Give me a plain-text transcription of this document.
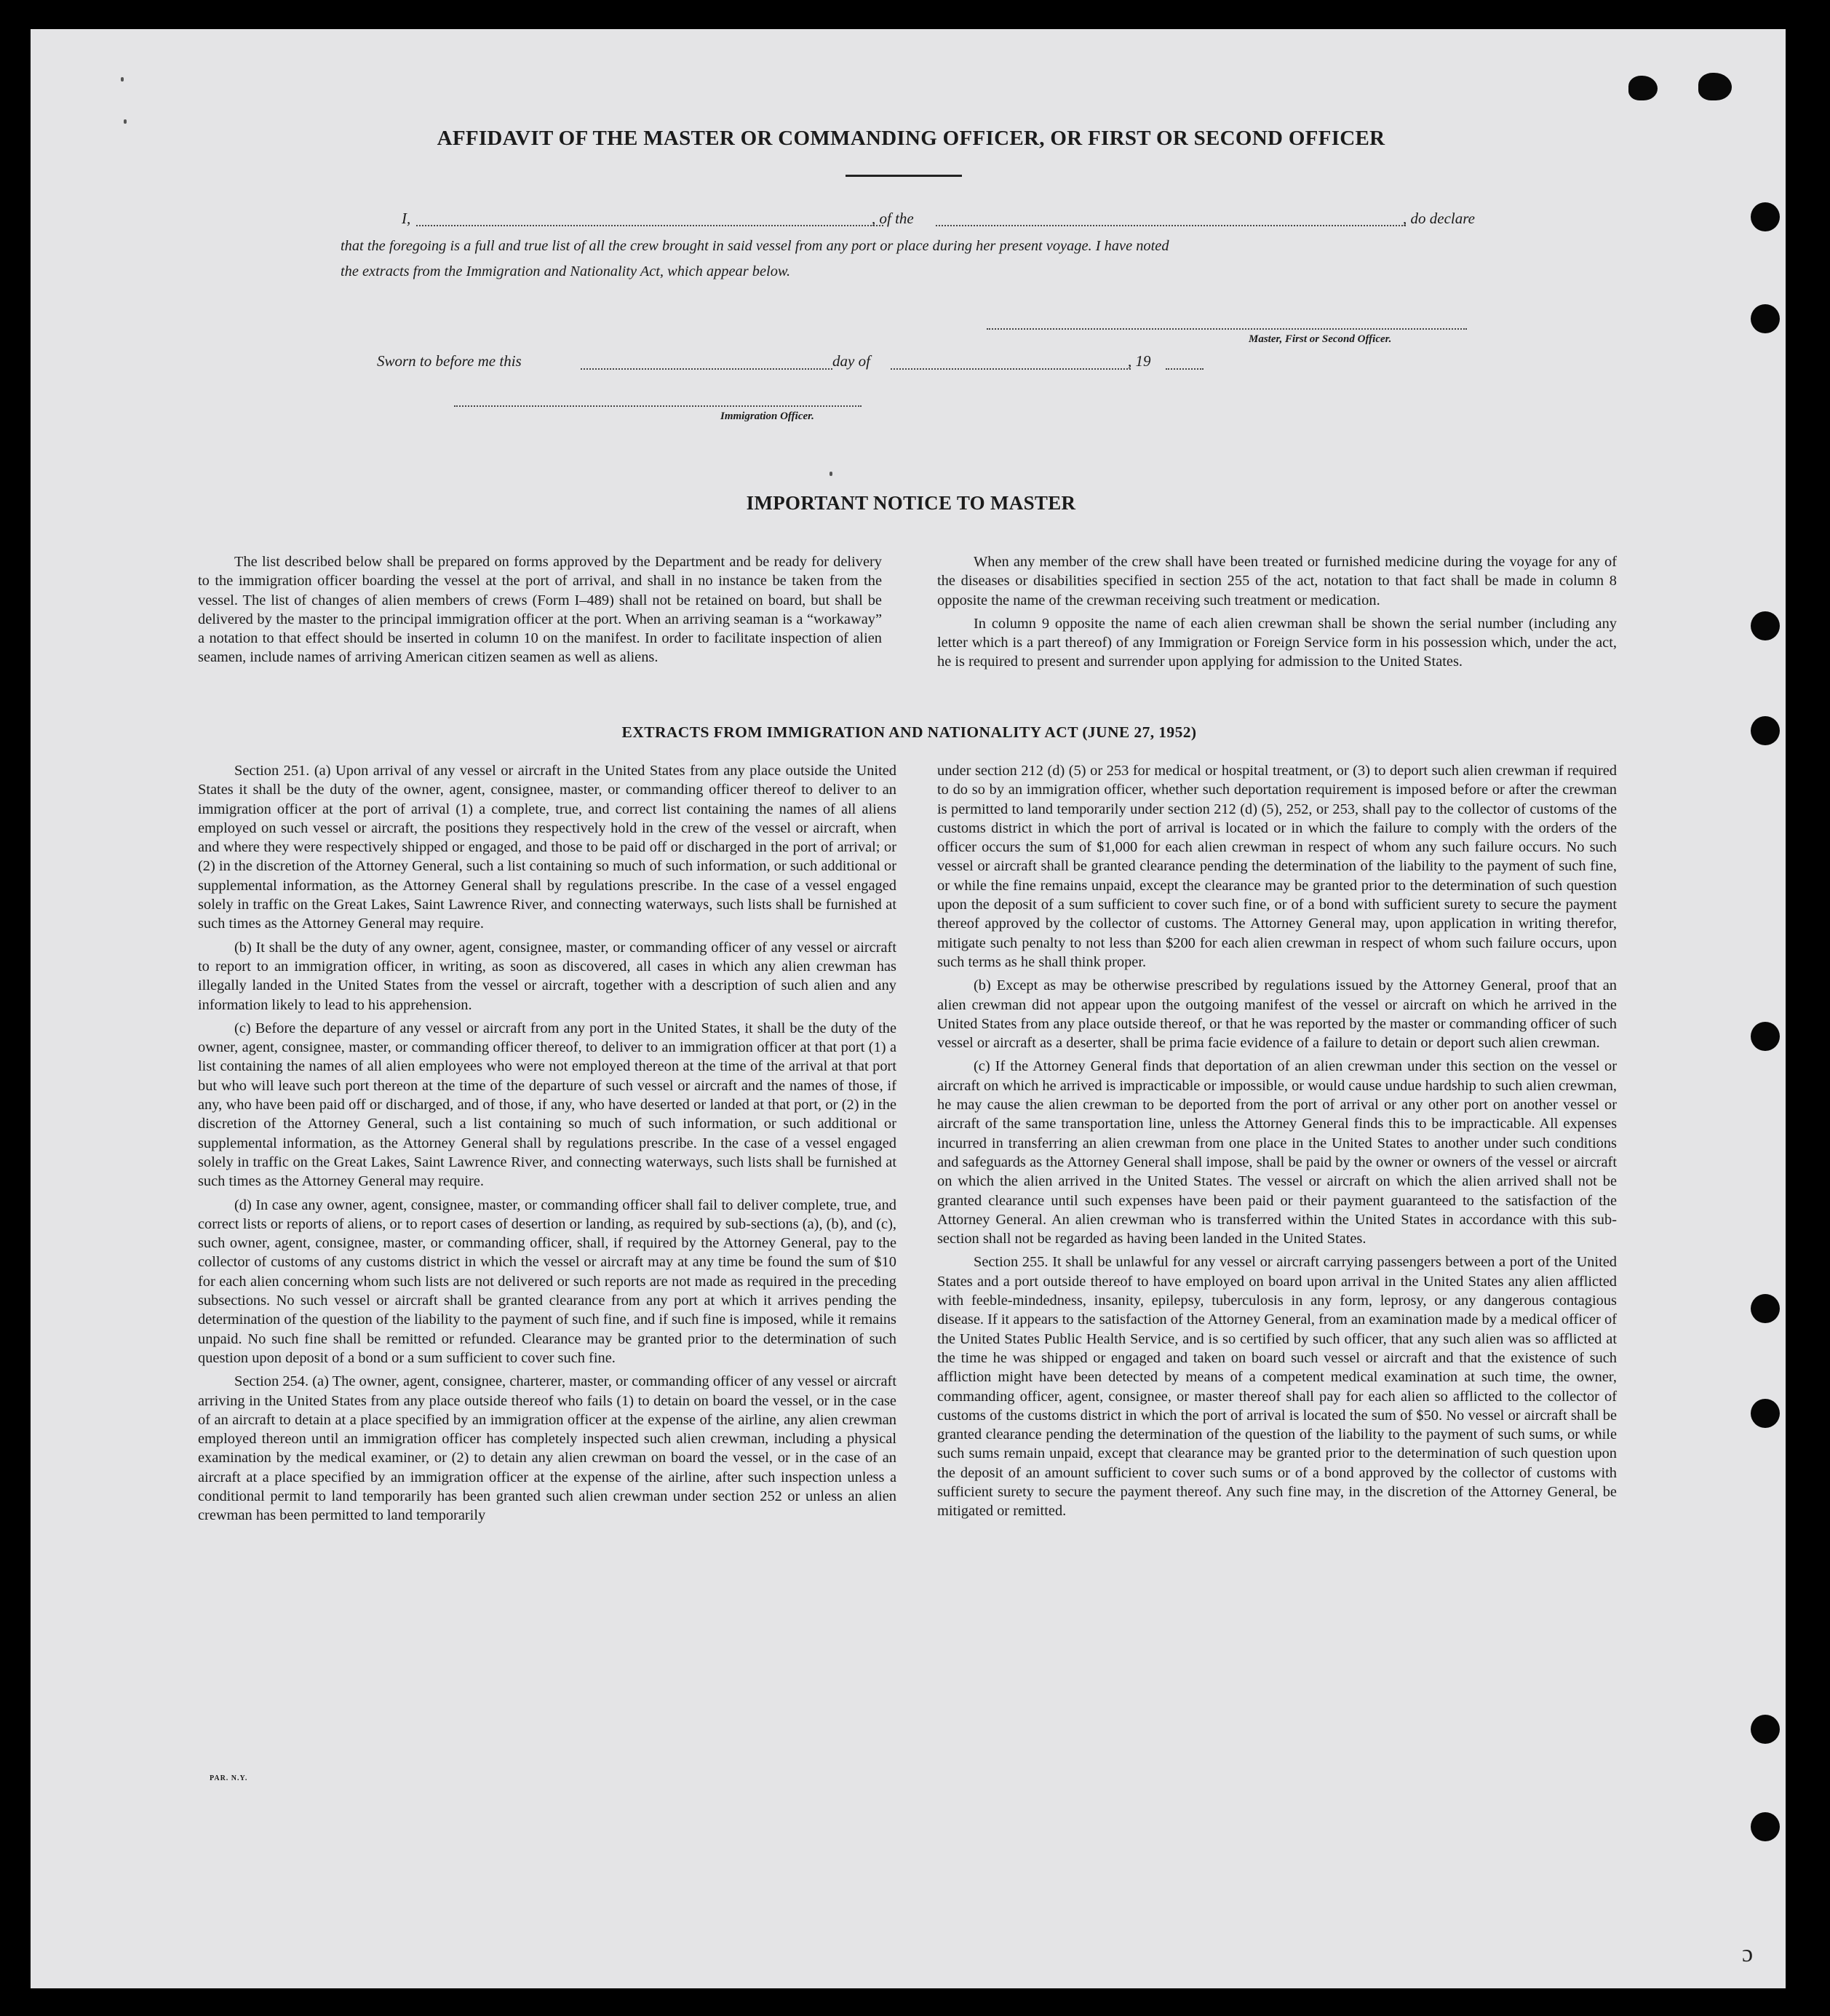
AFFIDAVIT OF THE MASTER OR COMMANDING OFFICER, OR FIRST OR SECOND OFFICER
I,	, of the	, do declare
that the foregoing is a full and true list of all the crew brought in said vessel from any port or place during her present voyage. I have noted
the extracts from the Immigration and Nationality Act, which appear below.
Master, First or Second Officer.
Sworn to before me this	day of	, 19
Immigration Officer.
IMPORTANT NOTICE TO MASTER

The list described below shall be prepared on forms approved by the Department and be ready for delivery to the immigration officer boarding the vessel at the port of arrival, and shall in no instance be taken from the vessel. The list of changes of alien members of crews (Form I–489) shall not be retained on board, but shall be delivered by the master to the principal immigration officer at the port. When an arriving seaman is a “workaway” a notation to that effect should be inserted in column 10 on the manifest. In order to facilitate inspection of alien seamen, include names of arriving American citizen seamen as well as aliens.

When any member of the crew shall have been treated or furnished medicine during the voyage for any of the diseases or disabilities specified in section 255 of the act, notation to that fact shall be made in column 8 opposite the name of the crewman receiving such treatment or medication.

In column 9 opposite the name of each alien crewman shall be shown the serial number (including any letter which is a part thereof) of any Immigration or Foreign Service form in his possession which, under the act, he is required to present and surrender upon applying for admission to the United States.

EXTRACTS FROM IMMIGRATION AND NATIONALITY ACT (JUNE 27, 1952)

Section 251. (a) Upon arrival of any vessel or aircraft in the United States from any place outside the United States it shall be the duty of the owner, agent, consignee, master, or commanding officer thereof to deliver to an immigration officer at the port of arrival (1) a complete, true, and correct list containing the names of all aliens employed on such vessel or aircraft, the positions they respectively hold in the crew of the vessel or aircraft, when and where they were respectively shipped or engaged, and those to be paid off or discharged in the port of arrival; or (2) in the discretion of the Attorney General, such a list containing so much of such information, or such additional or supplemental information, as the Attorney General shall by regulations prescribe. In the case of a vessel engaged solely in traffic on the Great Lakes, Saint Lawrence River, and connecting waterways, such lists shall be furnished at such times as the Attorney General may require.

(b) It shall be the duty of any owner, agent, consignee, master, or commanding officer of any vessel or aircraft to report to an immigration officer, in writing, as soon as discovered, all cases in which any alien crewman has illegally landed in the United States from the vessel or aircraft, together with a description of such alien and any information likely to lead to his apprehension.

(c) Before the departure of any vessel or aircraft from any port in the United States, it shall be the duty of the owner, agent, consignee, master, or commanding officer thereof, to deliver to an immigration officer at that port (1) a list containing the names of all alien employees who were not employed thereon at the time of the arrival at that port but who will leave such port thereon at the time of the departure of such vessel or aircraft and the names of those, if any, who have been paid off or discharged, and of those, if any, who have deserted or landed at that port, or (2) in the discretion of the Attorney General, such a list containing so much of such information, or such additional or supplemental information, as the Attorney General shall by regulations prescribe. In the case of a vessel engaged solely in traffic on the Great Lakes, Saint Lawrence River, and connecting waterways, such lists shall be furnished at such times as the Attorney General may require.

(d) In case any owner, agent, consignee, master, or commanding officer shall fail to deliver complete, true, and correct lists or reports of aliens, or to report cases of desertion or landing, as required by sub-sections (a), (b), and (c), such owner, agent, consignee, master, or commanding officer, shall, if required by the Attorney General, pay to the collector of customs of any customs district in which the vessel or aircraft may at any time be found the sum of $10 for each alien concerning whom such lists are not delivered or such reports are not made as required in the preceding subsections. No such vessel or aircraft shall be granted clearance from any port at which it arrives pending the determination of the question of the liability to the payment of such fine, and if such fine is imposed, while it remains unpaid. No such fine shall be remitted or refunded. Clearance may be granted prior to the determination of such question upon deposit of a bond or a sum sufficient to cover such fine.

Section 254. (a) The owner, agent, consignee, charterer, master, or commanding officer of any vessel or aircraft arriving in the United States from any place outside thereof who fails (1) to detain on board the vessel, or in the case of an aircraft to detain at a place specified by an immigration officer at the expense of the airline, any alien crewman employed thereon until an immigration officer has completely inspected such alien crewman, including a physical examination by the medical examiner, or (2) to detain any alien crewman on board the vessel, or in the case of an aircraft at a place specified by an immigration officer at the expense of the airline, after such inspection unless a conditional permit to land temporarily has been granted such alien crewman under section 252 or unless an alien crewman has been permitted to land temporarily

under section 212 (d) (5) or 253 for medical or hospital treatment, or (3) to deport such alien crewman if required to do so by an immigration officer, whether such deportation requirement is imposed before or after the crewman is permitted to land temporarily under section 212 (d) (5), 252, or 253, shall pay to the collector of customs of the customs district in which the port of arrival is located or in which the failure to comply with the orders of the officer occurs the sum of $1,000 for each alien crewman in respect of whom any such failure occurs. No such vessel or aircraft shall be granted clearance pending the determination of the liability to the payment of such fine, or while the fine remains unpaid, except the clearance may be granted prior to the determination of such question upon the deposit of a sum sufficient to cover such fine, or of a bond with sufficient surety to secure the payment thereof approved by the collector of customs. The Attorney General may, upon application in writing therefor, mitigate such penalty to not less than $200 for each alien crewman in respect of whom such failure occurs, upon such terms as he shall think proper.

(b) Except as may be otherwise prescribed by regulations issued by the Attorney General, proof that an alien crewman did not appear upon the outgoing manifest of the vessel or aircraft on which he arrived in the United States from any place outside thereof, or that he was reported by the master or commanding officer of such vessel or aircraft as a deserter, shall be prima facie evidence of a failure to detain or deport such alien crewman.

(c) If the Attorney General finds that deportation of an alien crewman under this section on the vessel or aircraft on which he arrived is impracticable or impossible, or would cause undue hardship to such alien crewman, he may cause the alien crewman to be deported from the port of arrival or any other port on another vessel or aircraft of the same transportation line, unless the Attorney General finds this to be impracticable. All expenses incurred in transferring an alien crewman from one place in the United States to another under such conditions and safeguards as the Attorney General shall impose, shall be paid by the owner or owners of the vessel or aircraft on which the alien arrived in the United States. The vessel or aircraft on which the alien arrived shall not be granted clearance until such expenses have been paid or their payment guaranteed to the satisfaction of the Attorney General. An alien crewman who is transferred within the United States in accordance with this sub-section shall not be regarded as having been landed in the United States.

Section 255. It shall be unlawful for any vessel or aircraft carrying passengers between a port of the United States and a port outside thereof to have employed on board upon arrival in the United States any alien afflicted with feeble-mindedness, insanity, epilepsy, tuberculosis in any form, leprosy, or any dangerous contagious disease. If it appears to the satisfaction of the Attorney General, from an examination made by a medical officer of the United States Public Health Service, and is so certified by such officer, that any such alien was so afflicted at the time he was shipped or engaged and taken on board such vessel or aircraft and that the existence of such affliction might have been detected by means of a competent medical examination at such time, the owner, commanding officer, agent, consignee, or master thereof shall pay for each alien so afflicted to the collector of customs of the customs district in which the port of arrival is located the sum of $50. No vessel or aircraft shall be granted clearance pending the determination of the question of the liability to the payment of such sums, or while such sums remain unpaid, except that clearance may be granted prior to the determination of such question upon the deposit of an amount sufficient to cover such sums or of a bond approved by the collector of customs with sufficient surety to secure the payment thereof. Any such fine may, in the discretion of the Attorney General, be mitigated or remitted.

PAR. N.Y.
ɔ
